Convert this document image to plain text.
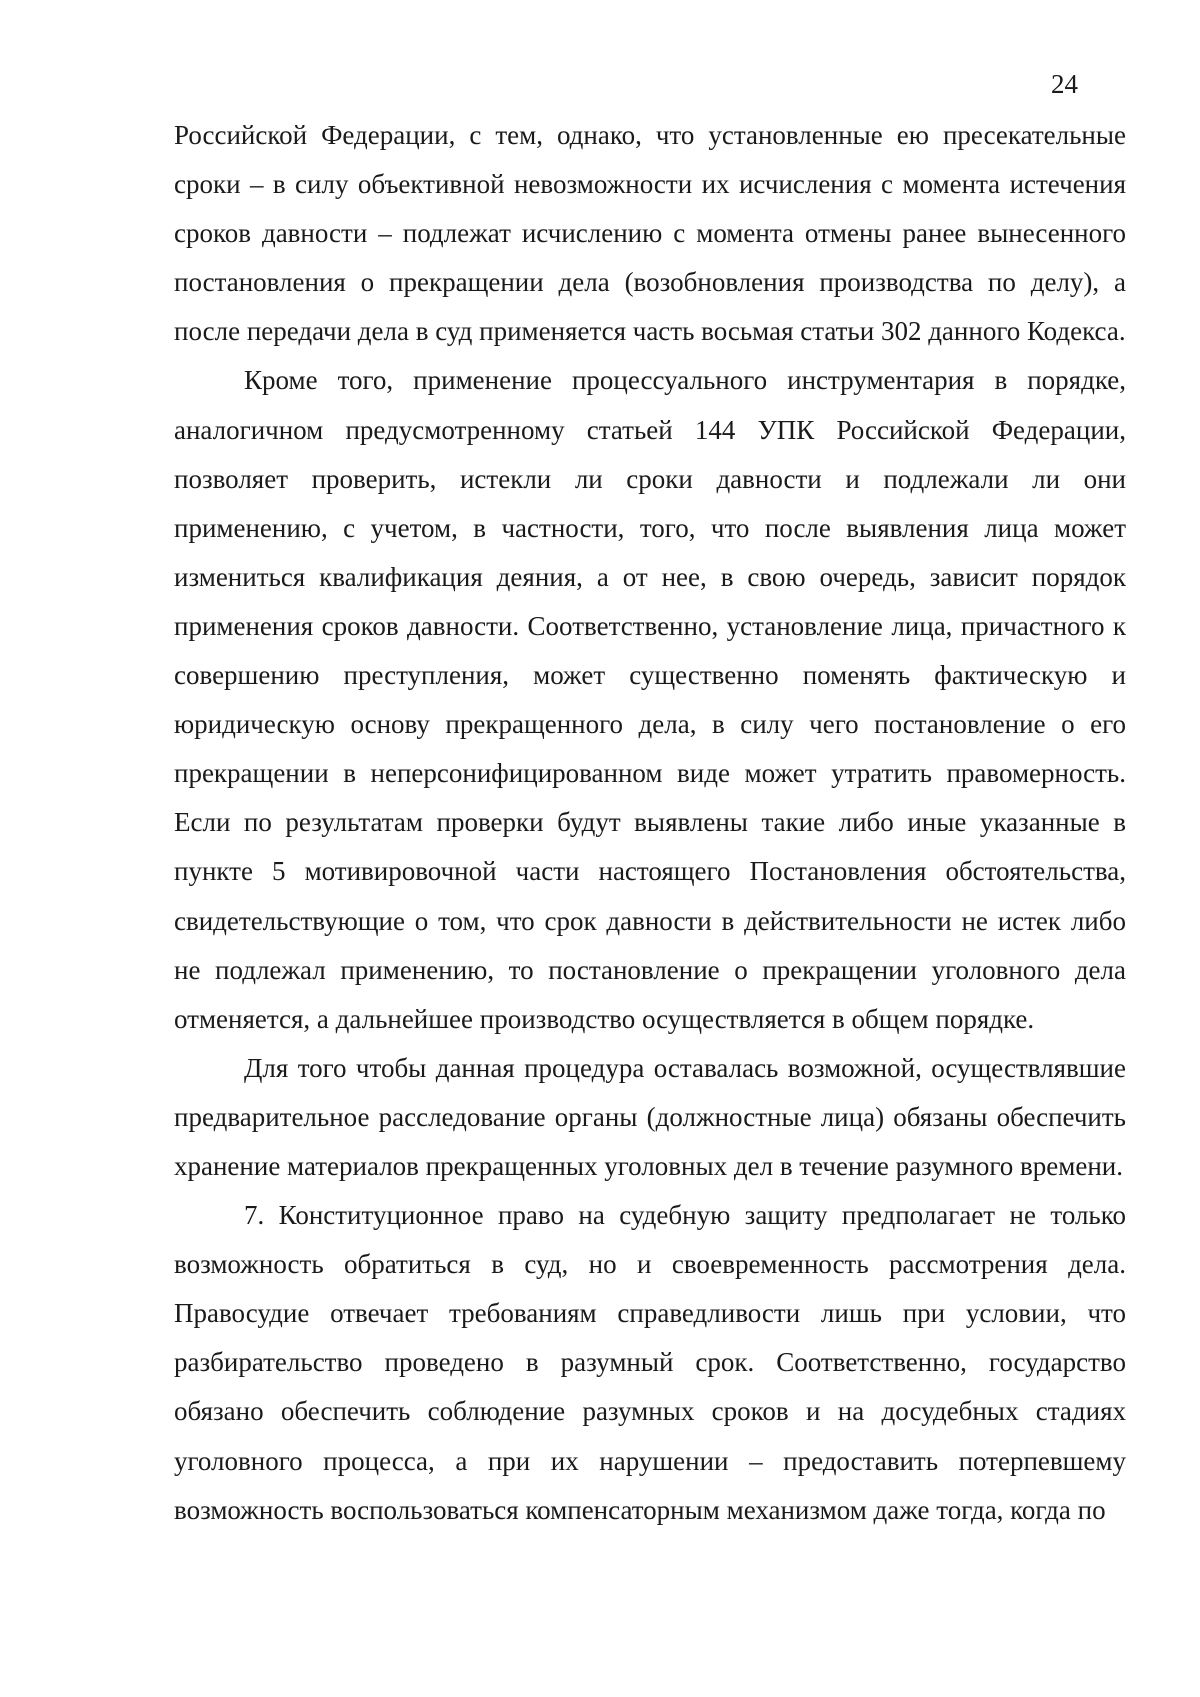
24

Российской Федерации, с тем, однако, что установленные ею пресекательные сроки – в силу объективной невозможности их исчисления с момента истечения сроков давности – подлежат исчислению с момента отмены ранее вынесенного постановления о прекращении дела (возобновления производства по делу), а после передачи дела в суд применяется часть восьмая статьи 302 данного Кодекса.

Кроме того, применение процессуального инструментария в порядке, аналогичном предусмотренному статьей 144 УПК Российской Федерации, позволяет проверить, истекли ли сроки давности и подлежали ли они применению, с учетом, в частности, того, что после выявления лица может измениться квалификация деяния, а от нее, в свою очередь, зависит порядок применения сроков давности. Соответственно, установление лица, причастного к совершению преступления, может существенно поменять фактическую и юридическую основу прекращенного дела, в силу чего постановление о его прекращении в неперсонифицированном виде может утратить правомерность. Если по результатам проверки будут выявлены такие либо иные указанные в пункте 5 мотивировочной части настоящего Постановления обстоятельства, свидетельствующие о том, что срок давности в действительности не истек либо не подлежал применению, то постановление о прекращении уголовного дела отменяется, а дальнейшее производство осуществляется в общем порядке.

Для того чтобы данная процедура оставалась возможной, осуществлявшие предварительное расследование органы (должностные лица) обязаны обеспечить хранение материалов прекращенных уголовных дел в течение разумного времени.

7. Конституционное право на судебную защиту предполагает не только возможность обратиться в суд, но и своевременность рассмотрения дела. Правосудие отвечает требованиям справедливости лишь при условии, что разбирательство проведено в разумный срок. Соответственно, государство обязано обеспечить соблюдение разумных сроков и на досудебных стадиях уголовного процесса, а при их нарушении – предоставить потерпевшему возможность воспользоваться компенсаторным механизмом даже тогда, когда по
